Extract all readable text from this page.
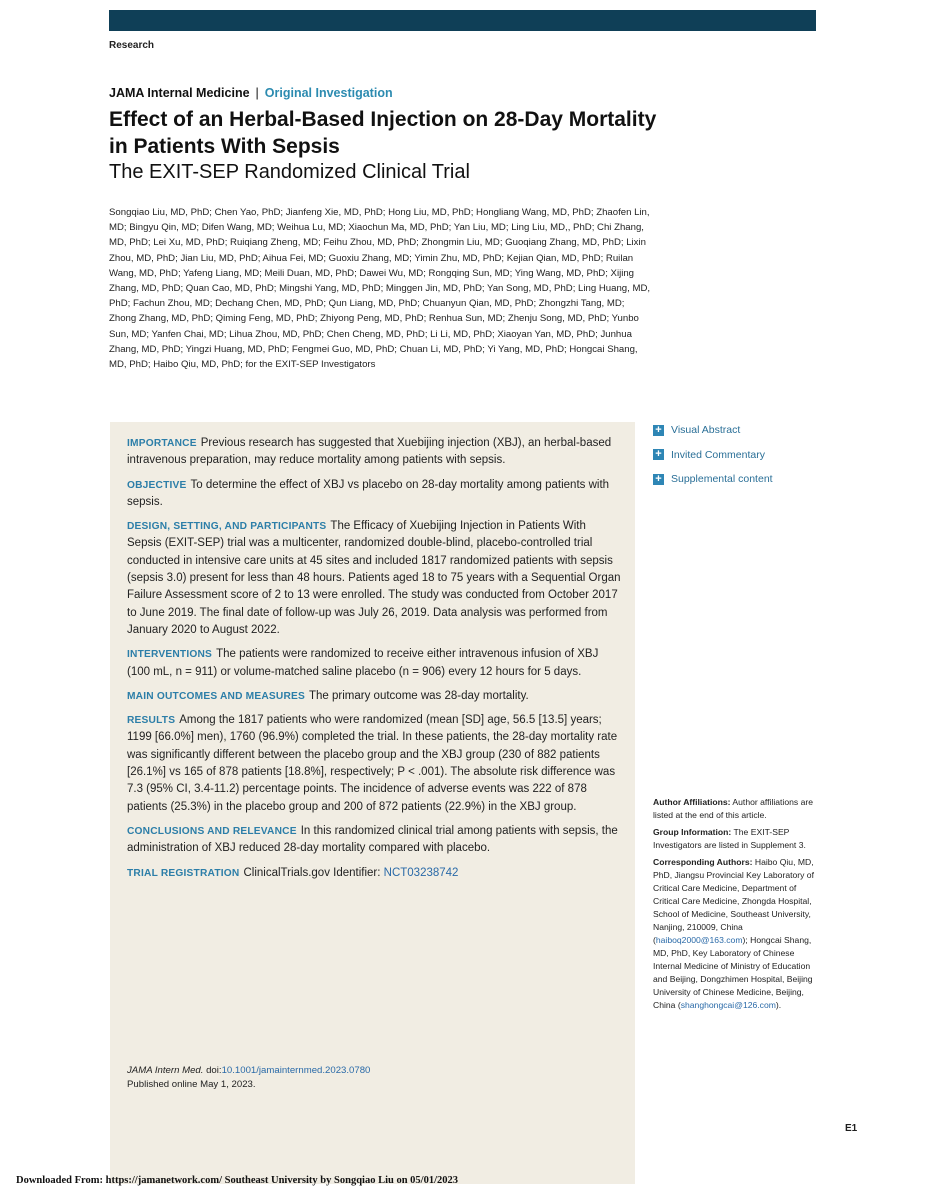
Research
JAMA Internal Medicine | Original Investigation
Effect of an Herbal-Based Injection on 28-Day Mortality in Patients With Sepsis
The EXIT-SEP Randomized Clinical Trial
Songqiao Liu, MD, PhD; Chen Yao, PhD; Jianfeng Xie, MD, PhD; Hong Liu, MD, PhD; Hongliang Wang, MD, PhD; Zhaofen Lin, MD; Bingyu Qin, MD; Difen Wang, MD; Weihua Lu, MD; Xiaochun Ma, MD, PhD; Yan Liu, MD; Ling Liu, MD,, PhD; Chi Zhang, MD, PhD; Lei Xu, MD, PhD; Ruiqiang Zheng, MD; Feihu Zhou, MD, PhD; Zhongmin Liu, MD; Guoqiang Zhang, MD, PhD; Lixin Zhou, MD, PhD; Jian Liu, MD, PhD; Aihua Fei, MD; Guoxiu Zhang, MD; Yimin Zhu, MD, PhD; Kejian Qian, MD, PhD; Ruilan Wang, MD, PhD; Yafeng Liang, MD; Meili Duan, MD, PhD; Dawei Wu, MD; Rongqing Sun, MD; Ying Wang, MD, PhD; Xijing Zhang, MD, PhD; Quan Cao, MD, PhD; Mingshi Yang, MD, PhD; Minggen Jin, MD, PhD; Yan Song, MD, PhD; Ling Huang, MD, PhD; Fachun Zhou, MD; Dechang Chen, MD, PhD; Qun Liang, MD, PhD; Chuanyun Qian, MD, PhD; Zhongzhi Tang, MD; Zhong Zhang, MD, PhD; Qiming Feng, MD, PhD; Zhiyong Peng, MD, PhD; Renhua Sun, MD; Zhenju Song, MD, PhD; Yunbo Sun, MD; Yanfen Chai, MD; Lihua Zhou, MD, PhD; Chen Cheng, MD, PhD; Li Li, MD, PhD; Xiaoyan Yan, MD, PhD; Junhua Zhang, MD, PhD; Yingzi Huang, MD, PhD; Fengmei Guo, MD, PhD; Chuan Li, MD, PhD; Yi Yang, MD, PhD; Hongcai Shang, MD, PhD; Haibo Qiu, MD, PhD; for the EXIT-SEP Investigators
+ Visual Abstract
+ Invited Commentary
+ Supplemental content
IMPORTANCE Previous research has suggested that Xuebijing injection (XBJ), an herbal-based intravenous preparation, may reduce mortality among patients with sepsis.
OBJECTIVE To determine the effect of XBJ vs placebo on 28-day mortality among patients with sepsis.
DESIGN, SETTING, AND PARTICIPANTS The Efficacy of Xuebijing Injection in Patients With Sepsis (EXIT-SEP) trial was a multicenter, randomized double-blind, placebo-controlled trial conducted in intensive care units at 45 sites and included 1817 randomized patients with sepsis (sepsis 3.0) present for less than 48 hours. Patients aged 18 to 75 years with a Sequential Organ Failure Assessment score of 2 to 13 were enrolled. The study was conducted from October 2017 to June 2019. The final date of follow-up was July 26, 2019. Data analysis was performed from January 2020 to August 2022.
INTERVENTIONS The patients were randomized to receive either intravenous infusion of XBJ (100 mL, n = 911) or volume-matched saline placebo (n = 906) every 12 hours for 5 days.
MAIN OUTCOMES AND MEASURES The primary outcome was 28-day mortality.
RESULTS Among the 1817 patients who were randomized (mean [SD] age, 56.5 [13.5] years; 1199 [66.0%] men), 1760 (96.9%) completed the trial. In these patients, the 28-day mortality rate was significantly different between the placebo group and the XBJ group (230 of 882 patients [26.1%] vs 165 of 878 patients [18.8%], respectively; P < .001). The absolute risk difference was 7.3 (95% CI, 3.4-11.2) percentage points. The incidence of adverse events was 222 of 878 patients (25.3%) in the placebo group and 200 of 872 patients (22.9%) in the XBJ group.
CONCLUSIONS AND RELEVANCE In this randomized clinical trial among patients with sepsis, the administration of XBJ reduced 28-day mortality compared with placebo.
TRIAL REGISTRATION ClinicalTrials.gov Identifier: NCT03238742
JAMA Intern Med. doi:10.1001/jamainternmed.2023.0780
Published online May 1, 2023.

Author Affiliations: Author affiliations are listed at the end of this article.

Group Information: The EXIT-SEP Investigators are listed in Supplement 3.

Corresponding Authors: Haibo Qiu, MD, PhD, Jiangsu Provincial Key Laboratory of Critical Care Medicine, Department of Critical Care Medicine, Zhongda Hospital, School of Medicine, Southeast University, Nanjing, 210009, China (haiboq2000@163.com); Hongcai Shang, MD, PhD, Key Laboratory of Chinese Internal Medicine of Ministry of Education and Beijing, Dongzhimen Hospital, Beijing University of Chinese Medicine, Beijing, China (shanghongcai@126.com).

E1
Downloaded From: https://jamanetwork.com/ Southeast University by Songqiao Liu on 05/01/2023
